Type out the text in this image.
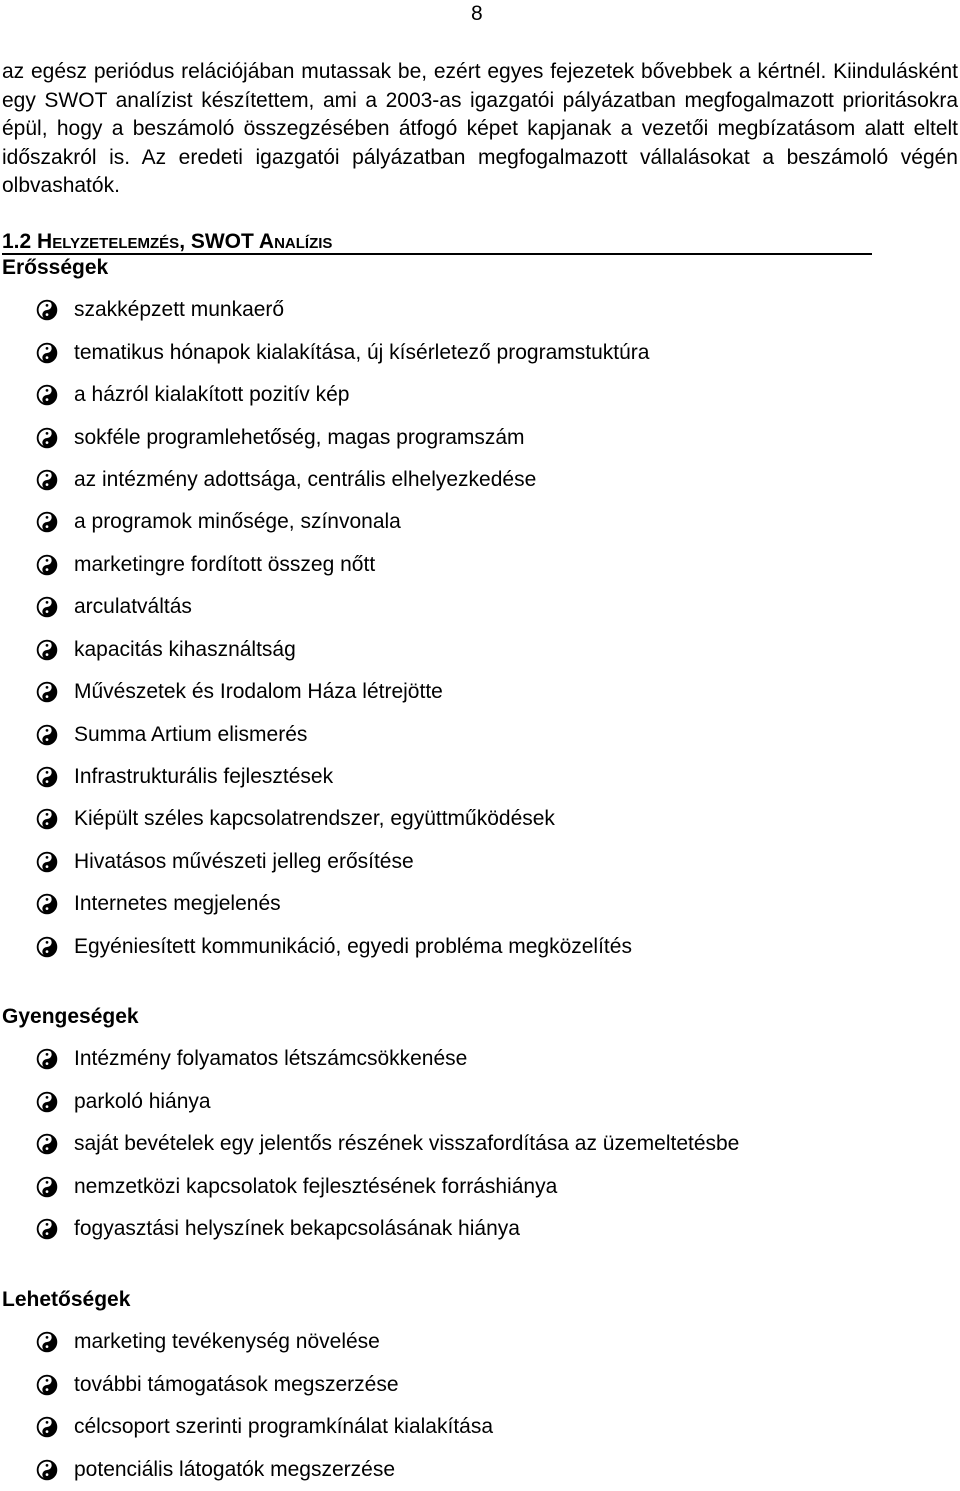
8

az egész periódus relációjában mutassak be, ezért egyes fejezetek bővebbek a kértnél. Kiindulásként egy SWOT analízist készítettem, ami a 2003-as igazgatói pályázatban megfogalmazott prioritásokra épül, hogy a beszámoló összegzésében átfogó képet kapjanak a vezetői megbízatásom alatt eltelt időszakról is. Az eredeti igazgatói pályázatban megfogalmazott vállalásokat a beszámoló végén olbvashatók.

1.2 HELYZETELEMZÉS, SWOT ANALÍZIS
Erősségek
szakképzett munkaerő
tematikus hónapok kialakítása, új kísérletező programstuktúra
a házról kialakított pozitív kép
sokféle programlehetőség, magas programszám
az intézmény adottsága, centrális elhelyezkedése
a programok minősége, színvonala
marketingre fordított összeg nőtt
arculatváltás
kapacitás kihasználtság
Művészetek és Irodalom Háza létrejötte
Summa Artium elismerés
Infrastrukturális fejlesztések
Kiépült széles kapcsolatrendszer, együttműködések
Hivatásos művészeti jelleg erősítése
Internetes megjelenés
Egyéniesített kommunikáció, egyedi probléma megközelítés
Gyengeségek
Intézmény folyamatos létszámcsökkenése
parkoló hiánya
saját bevételek egy jelentős részének visszafordítása az üzemeltetésbe
nemzetközi kapcsolatok fejlesztésének forráshiánya
fogyasztási helyszínek bekapcsolásának hiánya
Lehetőségek
marketing tevékenység növelése
további támogatások megszerzése
célcsoport szerinti programkínálat kialakítása
potenciális látogatók megszerzése
